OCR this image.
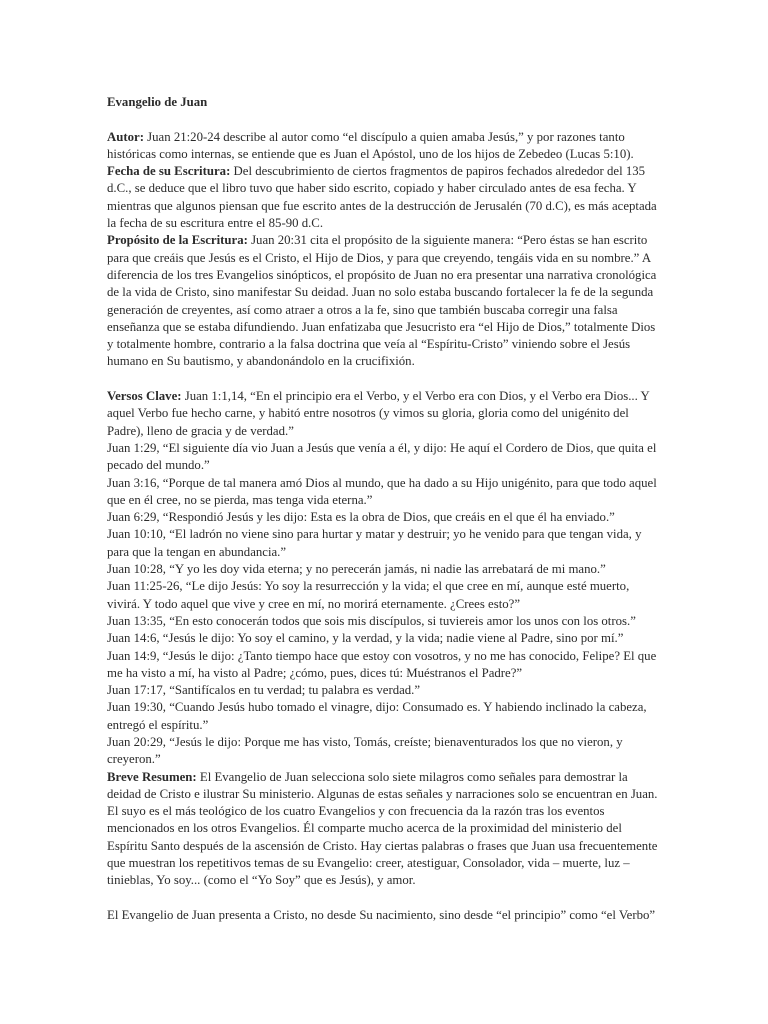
Evangelio de Juan

Autor: Juan 21:20-24 describe al autor como “el discípulo a quien amaba Jesús,” y por razones tanto históricas como internas, se entiende que es Juan el Apóstol, uno de los hijos de Zebedeo (Lucas 5:10).

Fecha de su Escritura: Del descubrimiento de ciertos fragmentos de papiros fechados alrededor del 135 d.C., se deduce que el libro tuvo que haber sido escrito, copiado y haber circulado antes de esa fecha. Y mientras que algunos piensan que fue escrito antes de la destrucción de Jerusalén (70 d.C), es más aceptada la fecha de su escritura entre el 85-90 d.C.

Propósito de la Escritura: Juan 20:31 cita el propósito de la siguiente manera: “Pero éstas se han escrito para que creáis que Jesús es el Cristo, el Hijo de Dios, y para que creyendo, tengáis vida en su nombre.” A diferencia de los tres Evangelios sinópticos, el propósito de Juan no era presentar una narrativa cronológica de la vida de Cristo, sino manifestar Su deidad. Juan no solo estaba buscando fortalecer la fe de la segunda generación de creyentes, así como atraer a otros a la fe, sino que también buscaba corregir una falsa enseñanza que se estaba difundiendo. Juan enfatizaba que Jesucristo era “el Hijo de Dios,” totalmente Dios y totalmente hombre, contrario a la falsa doctrina que veía al “Espíritu-Cristo” viniendo sobre el Jesús humano en Su bautismo, y abandonándolo en la crucifixión.

Versos Clave: Juan 1:1,14, “En el principio era el Verbo, y el Verbo era con Dios, y el Verbo era Dios... Y aquel Verbo fue hecho carne, y habitó entre nosotros (y vimos su gloria, gloria como del unigénito del Padre), lleno de gracia y de verdad.”

Juan 1:29, “El siguiente día vio Juan a Jesús que venía a él, y dijo: He aquí el Cordero de Dios, que quita el pecado del mundo.”

Juan 3:16, “Porque de tal manera amó Dios al mundo, que ha dado a su Hijo unigénito, para que todo aquel que en él cree, no se pierda, mas tenga vida eterna.”

Juan 6:29, “Respondió Jesús y les dijo: Esta es la obra de Dios, que creáis en el que él ha enviado.”

Juan 10:10, “El ladrón no viene sino para hurtar y matar y destruir; yo he venido para que tengan vida, y para que la tengan en abundancia.”

Juan 10:28, “Y yo les doy vida eterna; y no perecerán jamás, ni nadie las arrebatará de mi mano.”

Juan 11:25-26, “Le dijo Jesús: Yo soy la resurrección y la vida; el que cree en mí, aunque esté muerto, vivirá. Y todo aquel que vive y cree en mí, no morirá eternamente. ¿Crees esto?”

Juan 13:35, “En esto conocerán todos que sois mis discípulos, si tuviereis amor los unos con los otros.”

Juan 14:6, “Jesús le dijo: Yo soy el camino, y la verdad, y la vida; nadie viene al Padre, sino por mí.”

Juan 14:9, “Jesús le dijo: ¿Tanto tiempo hace que estoy con vosotros, y no me has conocido, Felipe? El que me ha visto a mí, ha visto al Padre; ¿cómo, pues, dices tú: Muéstranos el Padre?”

Juan 17:17, “Santifícalos en tu verdad; tu palabra es verdad.”

Juan 19:30, “Cuando Jesús hubo tomado el vinagre, dijo: Consumado es. Y habiendo inclinado la cabeza, entregó el espíritu.”

Juan 20:29, “Jesús le dijo: Porque me has visto, Tomás, creíste; bienaventurados los que no vieron, y creyeron.”

Breve Resumen: El Evangelio de Juan selecciona solo siete milagros como señales para demostrar la deidad de Cristo e ilustrar Su ministerio. Algunas de estas señales y narraciones solo se encuentran en Juan. El suyo es el más teológico de los cuatro Evangelios y con frecuencia da la razón tras los eventos mencionados en los otros Evangelios. Él comparte mucho acerca de la proximidad del ministerio del Espíritu Santo después de la ascensión de Cristo. Hay ciertas palabras o frases que Juan usa frecuentemente que muestran los repetitivos temas de su Evangelio: creer, atestiguar, Consolador, vida – muerte, luz – tinieblas, Yo soy... (como el “Yo Soy” que es Jesús), y amor.

El Evangelio de Juan presenta a Cristo, no desde Su nacimiento, sino desde “el principio” como “el Verbo”
